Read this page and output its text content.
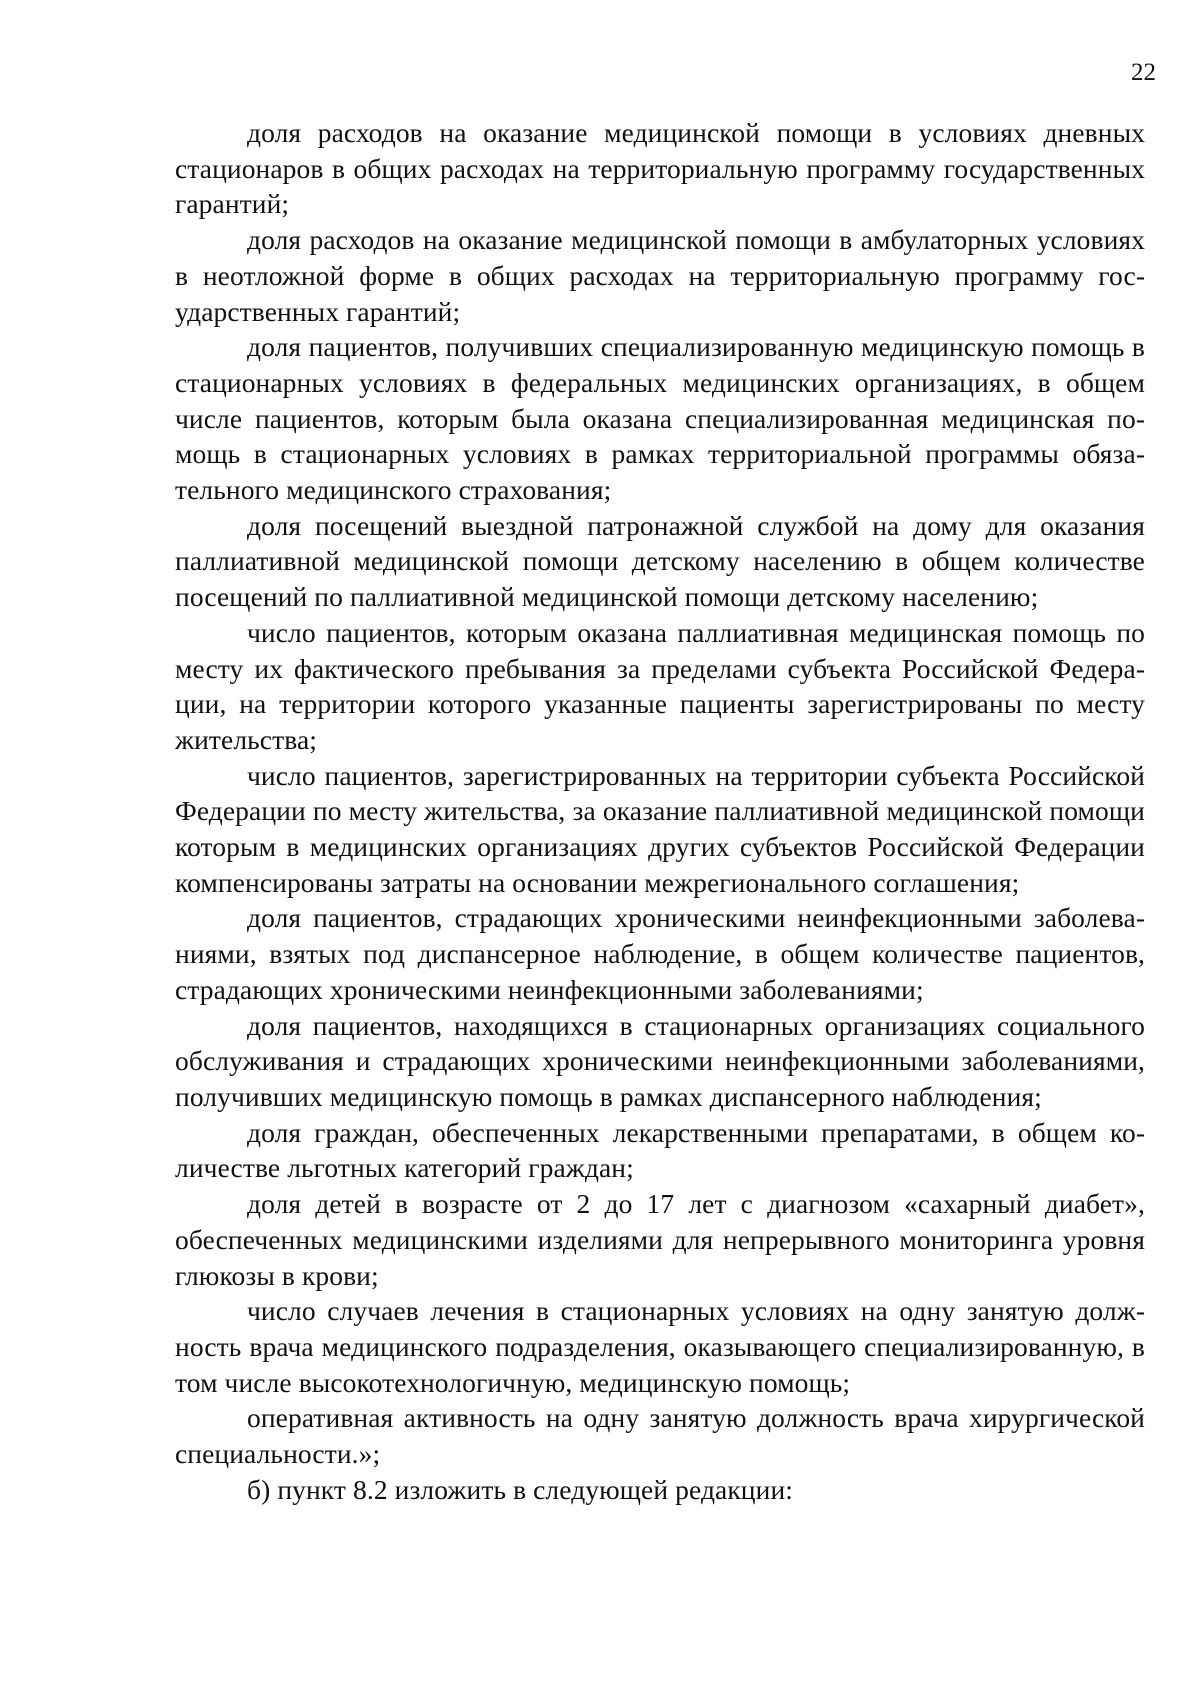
22

доля расходов на оказание медицинской помощи в условиях дневных стационаров в общих расходах на территориальную программу государственных гарантий;

доля расходов на оказание медицинской помощи в амбулаторных условиях в неотложной форме в общих расходах на территориальную программу государственных гарантий;

доля пациентов, получивших специализированную медицинскую помощь в стационарных условиях в федеральных медицинских организациях, в общем числе пациентов, которым была оказана специализированная медицинская помощь в стационарных условиях в рамках территориальной программы обязательного медицинского страхования;

доля посещений выездной патронажной службой на дому для оказания паллиативной медицинской помощи детскому населению в общем количестве посещений по паллиативной медицинской помощи детскому населению;

число пациентов, которым оказана паллиативная медицинская помощь по месту их фактического пребывания за пределами субъекта Российской Федерации, на территории которого указанные пациенты зарегистрированы по месту жительства;

число пациентов, зарегистрированных на территории субъекта Российской Федерации по месту жительства, за оказание паллиативной медицинской помощи которым в медицинских организациях других субъектов Российской Федерации компенсированы затраты на основании межрегионального соглашения;

доля пациентов, страдающих хроническими неинфекционными заболеваниями, взятых под диспансерное наблюдение, в общем количестве пациентов, страдающих хроническими неинфекционными заболеваниями;

доля пациентов, находящихся в стационарных организациях социального обслуживания и страдающих хроническими неинфекционными заболеваниями, получивших медицинскую помощь в рамках диспансерного наблюдения;

доля граждан, обеспеченных лекарственными препаратами, в общем количестве льготных категорий граждан;

доля детей в возрасте от 2 до 17 лет с диагнозом «сахарный диабет», обеспеченных медицинскими изделиями для непрерывного мониторинга уровня глюкозы в крови;

число случаев лечения в стационарных условиях на одну занятую должность врача медицинского подразделения, оказывающего специализированную, в том числе высокотехнологичную, медицинскую помощь;

оперативная активность на одну занятую должность врача хирургической специальности.»;

б) пункт 8.2 изложить в следующей редакции:
